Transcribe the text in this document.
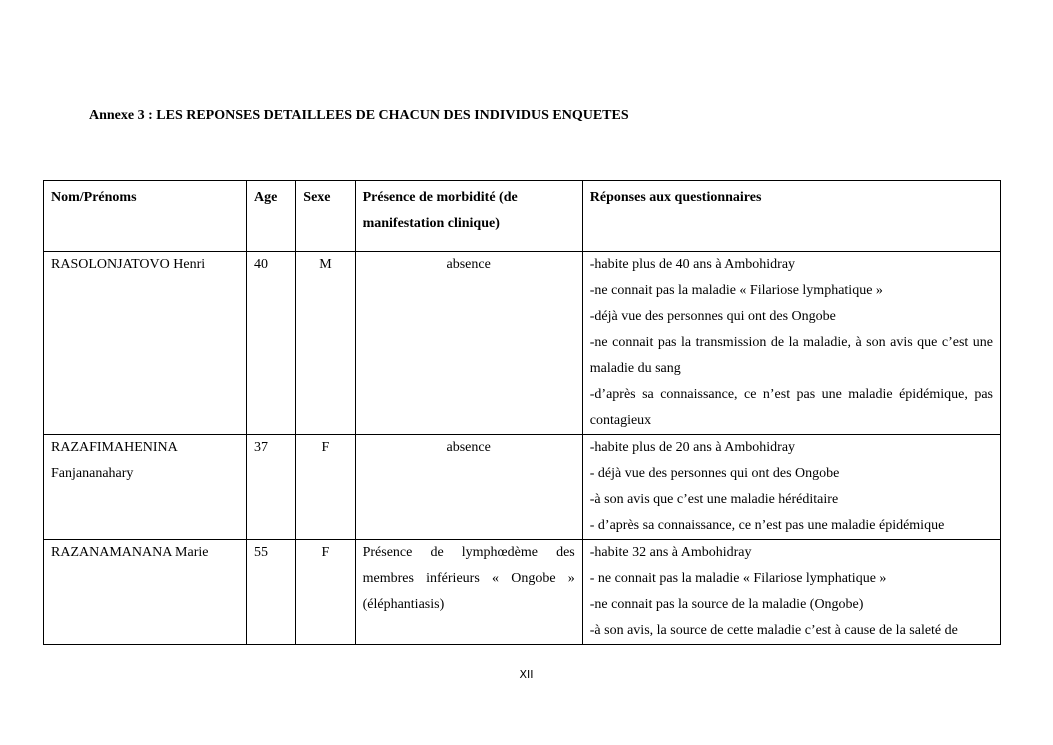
Annexe 3 : LES REPONSES DETAILLEES DE CHACUN DES INDIVIDUS ENQUETES
Nom/Prénoms	Age	Sexe	Présence de morbidité (de manifestation clinique)	Réponses aux questionnaires
RASOLONJATOVO Henri	40	M	absence	-habite plus de 40 ans à Ambohidray
-ne connait pas la maladie « Filariose lymphatique »
-déjà vue des personnes qui ont des Ongobe
-ne connait pas la transmission de la maladie, à son avis que c’est une maladie du sang
-d’après sa connaissance, ce n’est pas une maladie épidémique, pas contagieux

RAZAFIMAHENINA Fanjananahary	37	F	absence	-habite plus de 20 ans à Ambohidray
- déjà vue des personnes qui ont des Ongobe
-à son avis que c’est une maladie héréditaire
- d’après sa connaissance, ce n’est pas une maladie épidémique

RAZANAMANANA Marie	55	F	Présence de lymphœdème des membres inférieurs « Ongobe » (éléphantiasis)	-habite 32 ans à Ambohidray
- ne connait pas la maladie « Filariose lymphatique »
-ne connait pas la source de la maladie (Ongobe)
-à son avis, la source de cette maladie c’est à cause de la saleté de
XII
